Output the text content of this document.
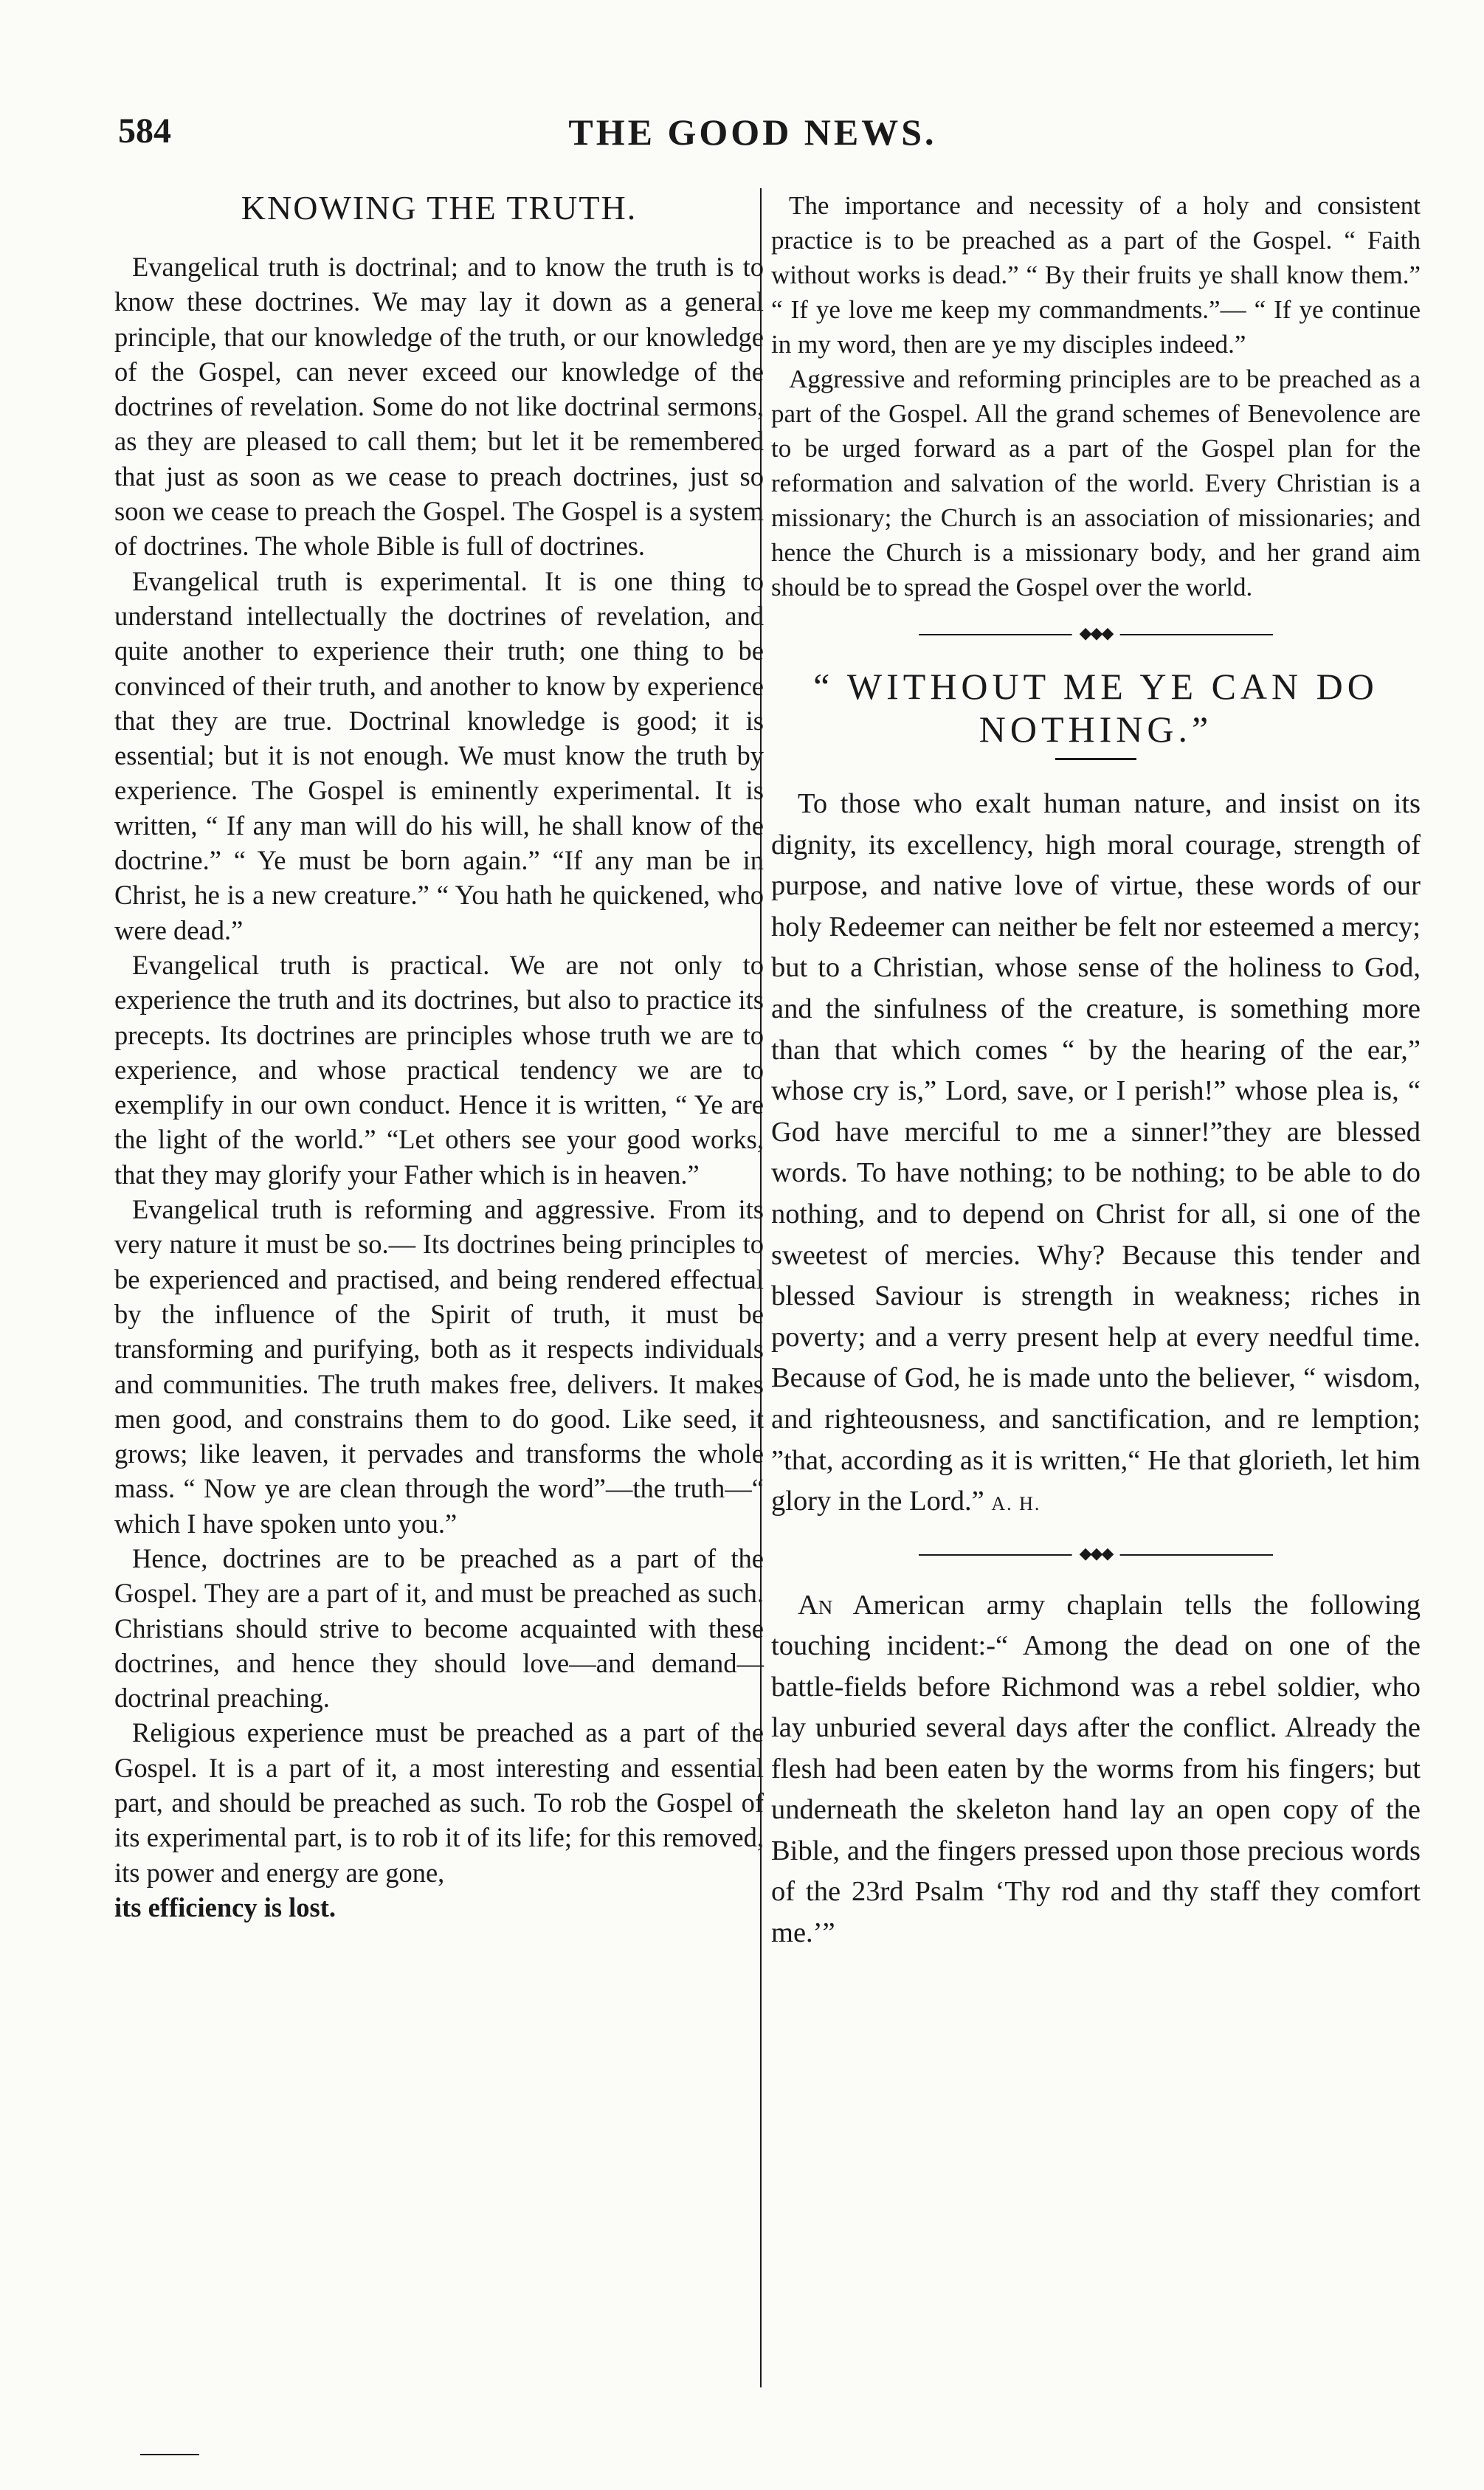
584	THE GOOD NEWS.
KNOWING THE TRUTH.

Evangelical truth is doctrinal; and to know the truth is to know these doctrines. We may lay it down as a general principle, that our knowledge of the truth, or our knowledge of the Gospel, can never exceed our knowledge of the doctrines of revelation. Some do not like doctrinal sermons, as they are pleased to call them; but let it be remembered that just as soon as we cease to preach doctrines, just so soon we cease to preach the Gospel. The Gospel is a system of doctrines. The whole Bible is full of doctrines.

Evangelical truth is experimental. It is one thing to understand intellectually the doctrines of revelation, and quite another to experience their truth; one thing to be convinced of their truth, and another to know by experience that they are true. Doctrinal knowledge is good; it is essential; but it is not enough. We must know the truth by experience. The Gospel is eminently experimental. It is written, “ If any man will do his will, he shall know of the doctrine.” “ Ye must be born again.” “If any man be in Christ, he is a new creature.” “ You hath he quickened, who were dead.”

Evangelical truth is practical. We are not only to experience the truth and its doctrines, but also to practice its precepts. Its doctrines are principles whose truth we are to experience, and whose practical tendency we are to exemplify in our own conduct. Hence it is written, “ Ye are the light of the world.” “Let others see your good works, that they may glorify your Father which is in heaven.”

Evangelical truth is reforming and aggressive. From its very nature it must be so.— Its doctrines being principles to be experienced and practised, and being rendered effectual by the influence of the Spirit of truth, it must be transforming and purifying, both as it respects individuals and communities. The truth makes free, delivers. It makes men good, and constrains them to do good. Like seed, it grows; like leaven, it pervades and transforms the whole mass. “ Now ye are clean through the word”—the truth—“ which I have spoken unto you.”

Hence, doctrines are to be preached as a part of the Gospel. They are a part of it, and must be preached as such. Christians should strive to become acquainted with these doctrines, and hence they should love—and demand—doctrinal preaching.

Religious experience must be preached as a part of the Gospel. It is a part of it, a most interesting and essential part, and should be preached as such. To rob the Gospel of its experimental part, is to rob it of its life; for this removed, its power and energy are gone,

its efficiency is lost.

The importance and necessity of a holy and consistent practice is to be preached as a part of the Gospel. “ Faith without works is dead.” “ By their fruits ye shall know them.” “ If ye love me keep my commandments.”— “ If ye continue in my word, then are ye my disciples indeed.”

Aggressive and reforming principles are to be preached as a part of the Gospel. All the grand schemes of Benevolence are to be urged forward as a part of the Gospel plan for the reformation and salvation of the world. Every Christian is a missionary; the Church is an association of missionaries; and hence the Church is a missionary body, and her grand aim should be to spread the Gospel over the world.

◆◆◆
“ WITHOUT ME YE CAN DO
NOTHING.”

To those who exalt human nature, and insist on its dignity, its excellency, high moral courage, strength of purpose, and native love of virtue, these words of our holy Redeemer can neither be felt nor esteemed a mercy; but to a Christian, whose sense of the holiness to God, and the sinfulness of the creature, is something more than that which comes “ by the hearing of the ear,” whose cry is,” Lord, save, or I perish!” whose plea is, “ God have merciful to me a sinner!”they are blessed words. To have nothing; to be nothing; to be able to do nothing, and to depend on Christ for all, si one of the sweetest of mercies. Why? Because this tender and blessed Saviour is strength in weakness; riches in poverty; and a verry present help at every needful time. Because of God, he is made unto the believer, “ wisdom, and righteousness, and sanctification, and re lemption; ”that, according as it is written,“ He that glorieth, let him glory in the Lord.” A. H.

◆◆◆

An American army chaplain tells the following touching incident:-“ Among the dead on one of the battle-fields before Richmond was a rebel soldier, who lay unburied several days after the conflict. Already the flesh had been eaten by the worms from his fingers; but underneath the skeleton hand lay an open copy of the Bible, and the fingers pressed upon those precious words of the 23rd Psalm ‘Thy rod and thy staff they comfort me.’”
